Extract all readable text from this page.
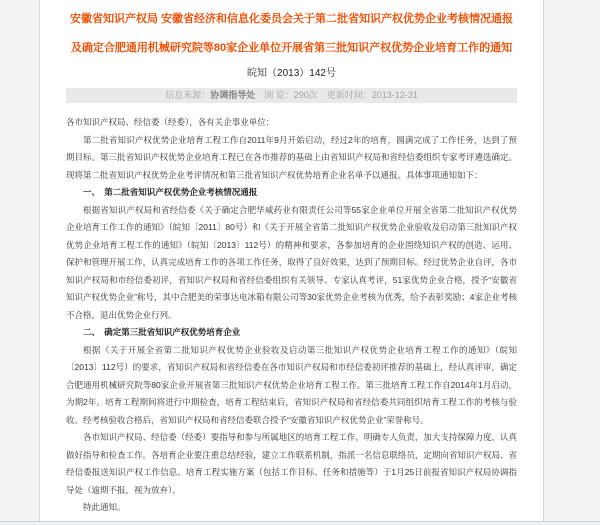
安徽省知识产权局 安徽省经济和信息化委员会关于第二批省知识产权优势企业考核情况通报
及确定合肥通用机械研究院等80家企业单位开展省第三批知识产权优势企业培育工作的通知
皖知（2013）142号
信息来源：协调指导处 浏 览：290次 更新时间：2013-12-31
各市知识产权局、经信委（经委），各有关企事业单位：
第二批省知识产权优势企业培育工程工作自2011年9月开始启动，经过2年的培育，圆满完成了工作任务，达到了预期目标。第三批省知识产权优势企业培育工程已在各市推荐的基础上由省知识产权局和省经信委组织专家考评遴选确定。现将第二批省知识产权优势企业考评情况和第三批省知识产权优势培育企业名单予以通报。具体事项通知如下：
一、　第二批省知识产权优势企业考核情况通报
根据省知识产权局和省经信委《关于确定合肥华威药业有限责任公司等55家企业单位开展全省第二批知识产权优势企业培育工作工作的通知》（皖知〔2011〕80号）和《关于开展全省第二批知识产权优势企业验收及启动第三批知识产权优势企业培育工程工作的通知》（皖知〔2013〕112号）的精神和要求，各参加培育的企业围绕知识产权的创造、运用、保护和管理开展工作，认真完成培育工作的各项工作任务，取得了良好效果，达到了预期目标。经过优势企业自评，各市知识产权局和市经信委初评，省知识产权局和省经信委组织有关领导、专家认真考评，51家优势企业合格，授予“安徽省知识产权优势企业”称号，其中合肥美的荣事达电冰箱有限公司等30家优势企业考核为优秀，给予表彰奖励；4家企业考核不合格，退出优势企业行列。
二、　确定第三批省知识产权优势培育企业
根据《关于开展全省第二批知识产权优势企业验收及启动第三批知识产权优势企业培育工程工作的通知》（皖知〔2013〕112号）的要求，省知识产权局和省经信委在各市知识产权局和市经信委初评推荐的基础上，经认真评审，确定合肥通用机械研究院等80家企业开展省第三批知识产权优势企业培育工程工作。第三批培育工程工作自2014年1月启动，为期2年。培育工程期间将进行中期检查，培育工程结束后，省知识产权局和省经信委共同组织培育工程工作的考核与验收。经考核验收合格后，省知识产权局和省经信委联合授予“安徽省知识产权优势企业”荣誉称号。
各市知识产权局、经信委（经委）要指导和参与所属地区的培育工程工作，明确专人负责，加大支持保障力度，认真做好指导和检查工作。各培育企业要注重总结经验，建立工作联系机制，指派一名信息联络员，定期向省知识产权局、省经信委报送知识产权工作信息。培育工程实施方案（包括工作目标、任务和措施等）于1月25日前报省知识产权局协调指导处（逾期不报，视为放弃）。
特此通知。
